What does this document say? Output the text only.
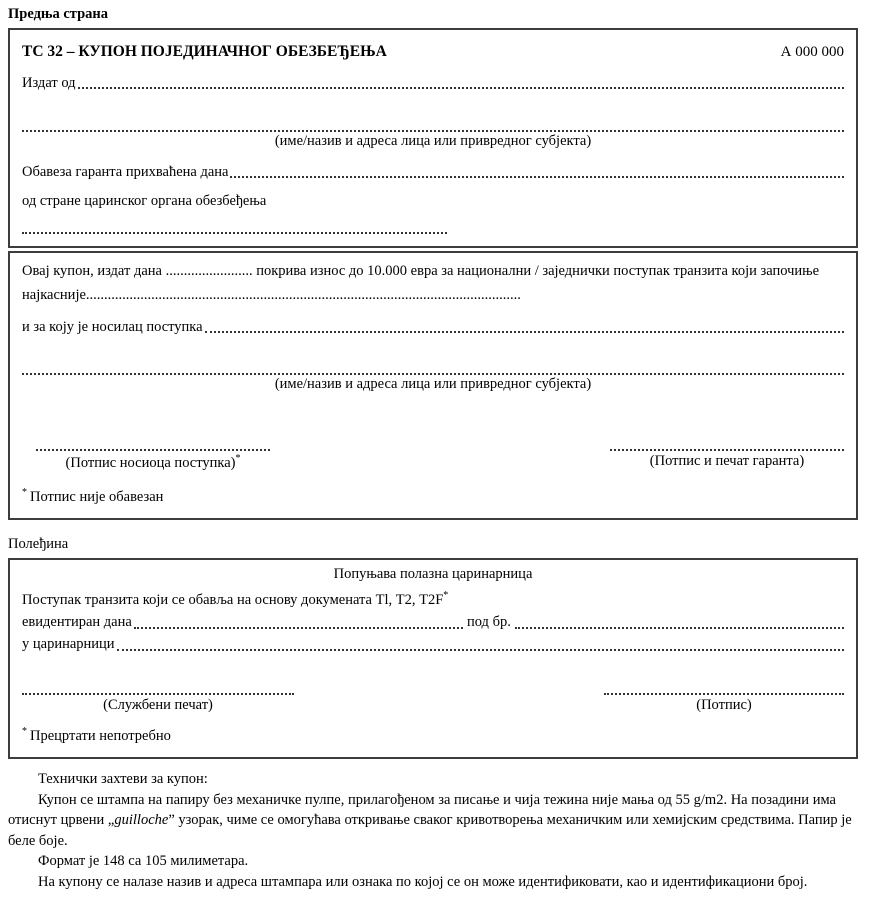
Предња страна
ТС 32 – КУПОН ПОЈЕДИНАЧНОГ ОБЕЗБЕЂЕЊА	А 000 000
Издат од
(име/назив и адреса лица или привредног субјекта)
Обавеза гаранта прихваћена дана
од стране царинског органа обезбеђења

Овај купон, издат дана ........................ покрива износ до 10.000 евра за национални / заједнички поступак транзита који започиње

најкасније........................................................................................................................

и за коју је носилац поступка
(име/назив и адреса лица или привредног субјекта)
(Потпис носиоца поступка)*	(Потпис и печат гаранта)
* Потпис није обавезан
Полеђина
Попуњава полазна царинарница
Поступак транзита који се обавља на основу докумената Тl, Т2, Т2F*
евидентиран дана	под бр.
у царинарници
(Службени печат)	(Потпис)
* Прецртати непотребно

Технички захтеви за купон:

Купон се штампа на папиру без механичке пулпе, прилагођеном за писање и чија тежина није мања од 55 g/m2. На позадини има отиснут црвени „guilloche” узорак, чиме се омогућава откривање сваког кривотворења механичким или хемијским средствима. Папир је беле боје.

Формат је 148 са 105 милиметара.

На купону се налазе назив и адреса штампара или ознака по којој се он може идентификовати, као и идентификациони број.
